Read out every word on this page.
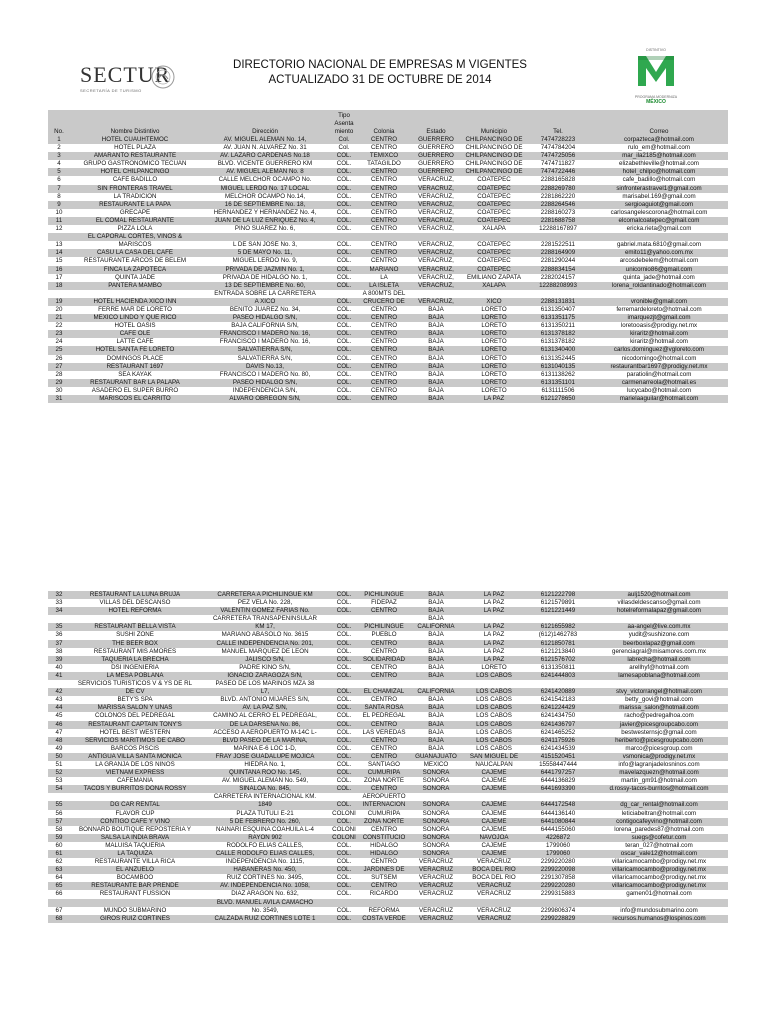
SECTUR
SECRETARÍA DE TURISMO
DIRECTORIO NACIONAL DE EMPRESAS M VIGENTES
ACTUALIZADO 31 DE OCTUBRE DE 2014
DISTINTIVO
PROGRAMA MODERNIZA
MÉXICO
No.	Nombre Distintivo	Dirección	Tipo Asenta miento	Colonia	Estado	Municipio	Tel.	Correo
1	HOTEL CUAUHTÉMOC	AV. MIGUEL ALEMÁN No. 14,	Col.	CENTRO	GUERRERO	CHILPANCINGO DE	7474728223	corpazteca@hotmail.com
2	HOTEL PLAZA	AV. JUAN N. ALVAREZ No. 31	Col.	CENTRO	GUERRERO	CHILPANCINGO DE	7474784204	rulo_em@hotmail.com
3	AMARANTO RESTAURANTE	AV. LÁZARO CÁRDENAS No.18	COL.	TEMIXCO	GUERRERO	CHILPANCINGO DE	7474725056	mar_ila2185@hotmail.com
4	GRUPO GASTRONÓMICO TECUÁN	BLVD. VICENTE GUERRERO KM	COL.	TATAGILDO	GUERRERO	CHILPANCINGO DE	7474711827	elizabethleville@hotmail.com
5	HOTEL CHILPANCINGO	AV. MIGUEL ALEMÁN No. 8	COL.	CENTRO	GUERRERO	CHILPANCINGO DE	7474722446	hotel_chilpo@hotmail.com
6	CAFÉ BADILLO	CALLE MELCHOR OCAMPO No.	COL.	CENTRO	VERACRUZ,	COATEPEC	2288165828	cafe_badillo@hotmail.com
7	SIN FRONTERAS TRAVEL	MIGUEL LERDO No. 17 LOCAL	COL.	CENTRO	VERACRUZ,	COATEPEC	2288269780	sinfronterastravel1@gmail.com
8	LA TRADICIÓN	MELCHOR OCAMPO No.14,	COL.	CENTRO	VERACRUZ,	COATEPEC	2281862220	marisabel.169@gmail.com
9	RESTAURANTE LA PAPA	16 DE SEPTIEMBRE No. 18,	COL.	CENTRO	VERACRUZ,	COATEPEC	2288264546	sergioaguiot@gmail.com
10	GRECAPÉ	HERNANDEZ Y HERNANDEZ No. 4,	COL.	CENTRO	VERACRUZ,	COATEPEC	2288160273	carlosangelescorona@hotmail.com
11	EL COMAL RESTAURANTE	JUAN DE LA LUZ ENRIQUEZ No. 4,	COL.	CENTRO	VERACRUZ,	COATEPEC	2281688758	elcomalcoatepec@gmail.com
12	PIZZA LOLA	PINO SUAREZ No. 6,	COL.	CENTRO	VERACRUZ,	XALAPA	12288167897	ericka.rieta@gmail.com
	EL CAPORAL CORTES, VINOS &							
13	MARISCOS	L DE SAN JOSÉ No. 3,	COL.	CENTRO	VERACRUZ,	COATEPEC	2281522511	gabriel.mata.6810@gmail.com
14	CASÚ LA CASA DEL CAFÉ	5 DE MAYO No. 11,	COL.	CENTRO	VERACRUZ,	COATEPEC	2288164909	emito11@yahoo.com.mx
15	RESTAURANTE ARCOS DE BELEM	MIGUEL LERDO No. 9,	COL.	CENTRO	VERACRUZ,	COATEPEC	2281290244	arcosdebelem@hotmail.com
16	FINCA LA ZAPOTECA	PRIVADA DE JAZMIN No. 1,	COL.	MARIANO	VERACRUZ,	COATEPEC	2288834154	unicornio86@gmail.com
17	QUINTA JADE	PRIVADA DE HIDALGO No. 1,	COL.	LA	VERACRUZ,	EMILIANO ZAPATA	2282024157	quinta_jade@hotmail.com
18	PANTERA MAMBO	13 DE SEPTIEMBRE No. 60,	COL.	LA ISLETA	VERACRUZ,	XALAPA	12288208993	lorena_roldantinado@hotmail.com
		ENTRADA SOBRE LA CARRETERA		A 800MTS DEL				
19	HOTEL HACIENDA XICO INN	A XICO	COL.	CRUCERO DE	VERACRUZ,	XICO	2288131831	vronible@gmail.com
20	FERRE MAR DE LORETO	BENITO JUAREZ No. 34,	COL.	CENTRO	BAJA	LORETO	6131350407	ferremardeloreto@hotmail.com
21	MEXICO LINDO Y QUE RICO	PASEO HIDALGO S/N,	COL.	CENTRO	BAJA	LORETO	6131351175	imarquezjt@gmail.com
22	HOTEL OASIS	BAJA CALIFORNIA S/N,	COL.	CENTRO	BAJA	LORETO	6131350211	loretooasis@prodigy.net.mx
23	CAFE OLE	FRANCISCO I MADERO No. 16,	COL.	CENTRO	BAJA	LORETO	6131378182	kiraritz@hotmail.com
24	LATTE CAFE	FRANCISCO I MADERO No. 16,	COL.	CENTRO	BAJA	LORETO	6131378182	kiraritz@hotmail.com
25	HOTEL SANTA FE LORETO	SALVATIERRA S/N,	COL.	CENTRO	BAJA	LORETO	6131340400	carlos.dominguez@vgloreto.com
26	DOMINGOS PLACE	SALVATIERRA S/N,	COL.	CENTRO	BAJA	LORETO	6131352445	nicodomingo@hotmail.com
27	RESTAURANT 1697	DAVIS No.13,	COL.	CENTRO	BAJA	LORETO	6131040135	restaurantbar1697@prodigy.net.mx
28	SEA KAYAK	FRANCISCO I MADERO No. 80,	COL.	CENTRO	BAJA	LORETO	6131138262	paratiolin@hotmail.com
29	RESTAURANT BAR LA PALAPA	PASEO HIDALGO S/N,	COL.	CENTRO	BAJA	LORETO	6131351101	carmenarreola@hotmail.es
30	ASADERO EL SUPER BURRO	INDEPENDENCIA S/N,	COL.	CENTRO	BAJA	LORETO	6131111506	lucycabo@hotmail.com
31	MARISCOS EL CARRITO	ALVARO OBREGON S/N,	COL.	CENTRO	BAJA	LA PAZ	6121278650	marielaaguilar@hotmail.com
32	RESTAURANT LA LUNA BRUJA	CARRETERA A PICHILINGUE KM	COL.	PICHILINGUE	BAJA	LA PAZ	6121222798	aulj1520@hotmail.com
33	VILLAS DEL DESCANSO	PEZ VELA No. 228,	COL.	FIDEPAZ	BAJA	LA PAZ	6121579891	villasdeldescanso@gmail.com
34	HOTEL REFORMA	VALENTIN GOMEZ FARIAS No.	COL.	CENTRO	BAJA	LA PAZ	6121221449	hotelreformalapaz@gmail.com
		CARRETERA TRANSAPENINSULAR			BAJA			
35	RESTAURANT BELLA VISTA	KM 17,	COL.	PICHILINGUE	CALIFORNIA	LA PAZ	6121655982	aa-angel@live.com.mx
36	SUSHI ZONE	MARIANO ABASOLO No. 3615	COL.	PUEBLO	BAJA	LA PAZ	(612)1462783	yudit@sushizone.com
37	THE BEER BOX	CALLE INDEPENDENCIA No. 201,	COL.	CENTRO	BAJA	LA PAZ	6121850781	beerboxlapaz@gmail.com
38	RESTAURANT MIS AMORES	MANUEL MARQUEZ DE LEON	COL.	CENTRO	BAJA	LA PAZ	6121213840	gerenciagral@misamores.com.mx
39	TAQUERIA LA BRECHA	JALISCO S/N,	COL.	SOLIDARIDAD	BAJA	LA PAZ	6121576702	labrecha@hotmail.com
40	DSI INGENIERIA	PADRE KINO S/N,	COL.	CENTRO	BAJA	LORETO	6131350811	arellhyf@hotmail.com
41	LA MESA POBLANA	IGNACIO ZARAGOZA S/N,	COL.	CENTRO	BAJA	LOS CABOS	6241444803	lamesapoblana@hotmail.com
	SERVICIOS TURISTICOS V & YS DE RL	PASEO DE LOS MARINOS MZA 38						
42	DE CV	L7,	COL.	EL CHAMIZAL	CALIFORNIA	LOS CABOS	6241420889	stvy_victorrangel@hotmail.com
43	BETY'S SPA	BLVD. ANTONIO MIJARES S/N,	COL.	CENTRO	BAJA	LOS CABOS	6241542183	betty_govi@hotmail.com
44	MARISSA SALON Y UÑAS	AV. LA PAZ S/N,	COL.	SANTA ROSA	BAJA	LOS CABOS	6241224429	marissa_salon@hotmail.com
45	COLONOS DEL PEDREGAL	CAMINO AL CERRO EL PEDREGAL,	COL.	EL PEDREGAL	BAJA	LOS CABOS	6241434750	racho@pedregalhoa.com
46	RESTAURANT CAPTAIN TONY'S	DE LA DARSENA No. 86,	COL.	CENTRO	BAJA	LOS CABOS	6241436797	javier@picesgroupcabo.com
47	HOTEL BEST WESTERN	ACCESO A AEROPUERTO M-14C L-	COL.	LAS VEREDAS	BAJA	LOS CABOS	6241465252	bestwesternsjc@gmail.com
48	SERVICIOS MARITIMOS DE CABO	BLVD PASEO DE LA MARINA,	COL.	CENTRO	BAJA	LOS CABOS	6241175926	heriberto@picesgroupcabo.com
49	BARCOS PISCIS	MARINA E-6 LOC 1-D,	COL.	CENTRO	BAJA	LOS CABOS	6241434539	marco@picesgroup.com
50	ANTIGUA VILLA SANTA MONICA	FRAY JOSE GUADALUPE MOJICA	COL.	CENTRO	GUANAJUATO	SAN MIGUEL DE	4151520451	vsmonica@prodigy.net.mx
51	LA GRANJA DE LOS NIÑOS	HIEDRA No. 1,	COL.	SANTIAGO	MEXICO	NAUCALPAN	15558447444	info@lagranjadelosninos.com
52	VIETNAM EXPRESS	QUINTANA ROO No. 145,	COL.	CUMURIPA	SONORA	CAJEME	6441797257	mavelazquezn@hotmail.com
53	CAFEMANIA	AV. MIGUEL ALEMÁN No. 549,	COL.	ZONA NORTE	SONORA	CAJEME	6444136829	martin_gm91@hotmail.com
54	TACOS Y BURRITOS DOÑA ROSSY	SINALOA No. 845,	COL.	CENTRO	SONORA	CAJEME	6441693390	d.rossy-tacos-burritos@hotmail.com
		CARRETERA INTERNACIONAL KM.		AEROPUERTO				
55	DG CAR RENTAL	1849	COL.	INTERNACION	SONORA	CAJEME	6444172548	dg_car_rental@hotmail.com
56	FLAVOR CUP	PLAZA TUTULI E-21	COLONI	CUMURIPA	SONORA	CAJEME	6444136140	leticiabeltran@hotmail.com
57	CONTIGO CAFE Y VINO	5 DE FEBRERO No. 260,	COL.	ZONA NORTE	SONORA	CAJEME	6441080844	contigocafeyvino@hotmail.com
58	BONNARD BOUTIQUE REPOSTERIA Y	NAINARI ESQUINA COAHUILA L-4	COLONI	CENTRO	SONORA	CAJEME	6444155060	lorena_paredes87@hotmail.com
59	SALSA LA INDIA BRAVA	RAYON 902	COLONI	CONSTITUCIÓ	SONORA	NAVOJOA	4226872	suegs@cofetur.com
60	MALUISA TAQUERIA	RODOLFO ELIAS CALLES,	COL.	HIDALGO	SONORA	CAJEME	1799060	teran_027@hotmail.com
61	LA TAQUIZA	CALLE RODOLFO ELIAS CALLES,	COL.	HIDALGO	SONORA	CAJEME	1799060	oscar_vale12@hotmail.com
62	RESTAURANTE VILLA RICA	INDEPENDENCIA No. 1115,	COL.	CENTRO	VERACRUZ	VERACRUZ	2299220280	villaricamocambo@prodigy.net.mx
63	EL ANZUELO	HABANERAS No. 450,	COL.	JARDINES DE	VERACRUZ	BOCA DEL RIO	2299220098	villaricamocambo@prodigy.net.mx
64	BOCAMBOO	RUIZ CORTINES No. 3495,	COL.	SUTSEM	VERACRUZ	BOCA DEL RIO	2291307858	villaricamocambo@prodigy.net.mx
65	RESTAURANTE BAR PRENDE	AV. INDEPENDENCIA No. 1058,	COL.	CENTRO	VERACRUZ	VERACRUZ	2299220280	villaricamocambo@prodigy.net.mx
66	RESTAURANT FUSSION	DIAZ ARAGON No. 632,	COL.	RICARDO	VERACRUZ	VERACRUZ	2299315883	gamen01@hotmail.com
		BLVD. MANUEL AVILA CAMACHO						
67	MUNDO SUBMARINO	No. 3549,	COL.	REFORMA	VERACRUZ	VERACRUZ	2299806374	info@mundosubmarino.com
68	GIROS RUIZ CORTINES	CALZADA RUIZ CORTINES LOTE 1	COL.	COSTA VERDE	VERACRUZ	VERACRUZ	2299228829	recursos.humanos@lospinos.com
